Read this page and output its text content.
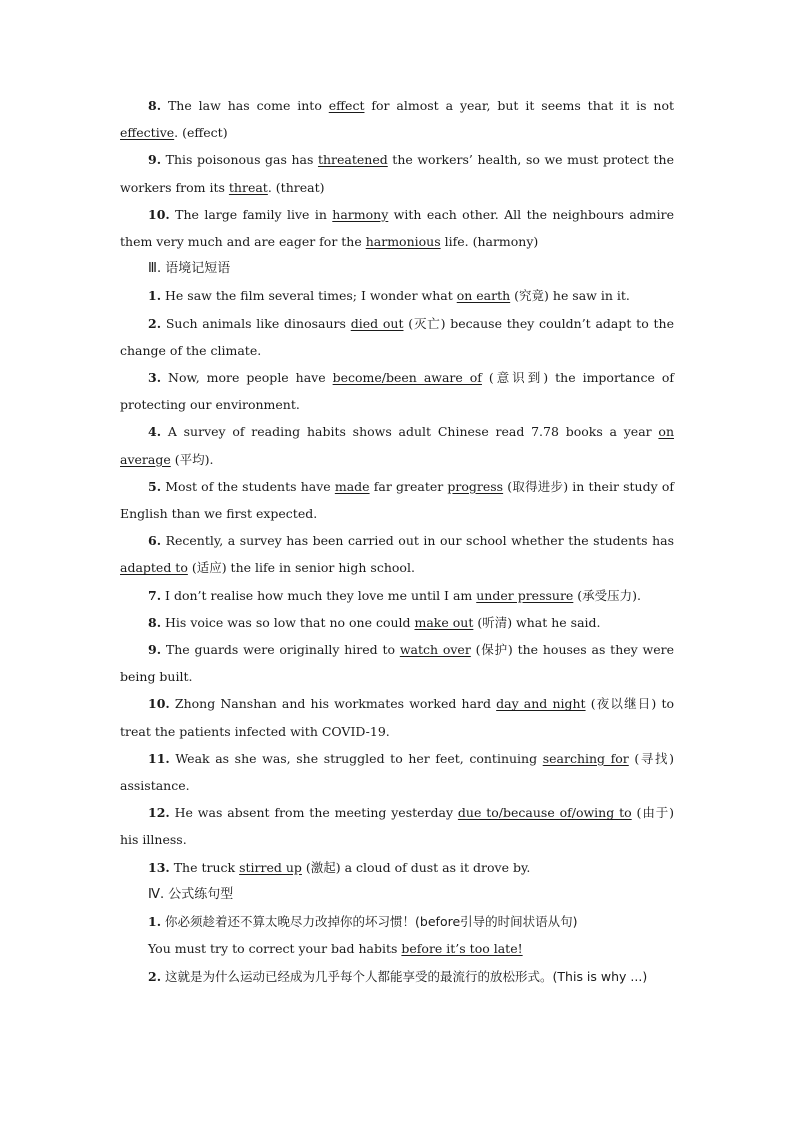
8. The law has come into effect for almost a year, but it seems that it is not effective. (effect)

9. This poisonous gas has threatened the workers’ health, so we must protect the workers from its threat. (threat)

10. The large family live in harmony with each other. All the neighbours admire them very much and are eager for the harmonious life. (harmony)

Ⅲ. 语境记短语

1. He saw the film several times; I wonder what on earth (究竟) he saw in it.

2. Such animals like dinosaurs died out (灭亡) because they couldn’t adapt to the change of the climate.

3. Now, more people have become/been aware of (意识到) the importance of protecting our environment.

4. A survey of reading habits shows adult Chinese read 7.78 books a year on average (平均).

5. Most of the students have made far greater progress (取得进步) in their study of English than we first expected.

6. Recently, a survey has been carried out in our school whether the students has adapted to (适应) the life in senior high school.

7. I don’t realise how much they love me until I am under pressure (承受压力).

8. His voice was so low that no one could make out (听清) what he said.

9. The guards were originally hired to watch over (保护) the houses as they were being built.

10. Zhong Nanshan and his workmates worked hard day and night (夜以继日) to treat the patients infected with COVID-19.

11. Weak as she was, she struggled to her feet, continuing searching for (寻找) assistance.

12. He was absent from the meeting yesterday due to/because of/owing to (由于) his illness.

13. The truck stirred up (激起) a cloud of dust as it drove by.

Ⅳ. 公式练句型

1. 你必须趁着还不算太晚尽力改掉你的坏习惯！(before引导的时间状语从句)

You must try to correct your bad habits before it’s too late!

2. 这就是为什么运动已经成为几乎每个人都能享受的最流行的放松形式。(This is why ...)
